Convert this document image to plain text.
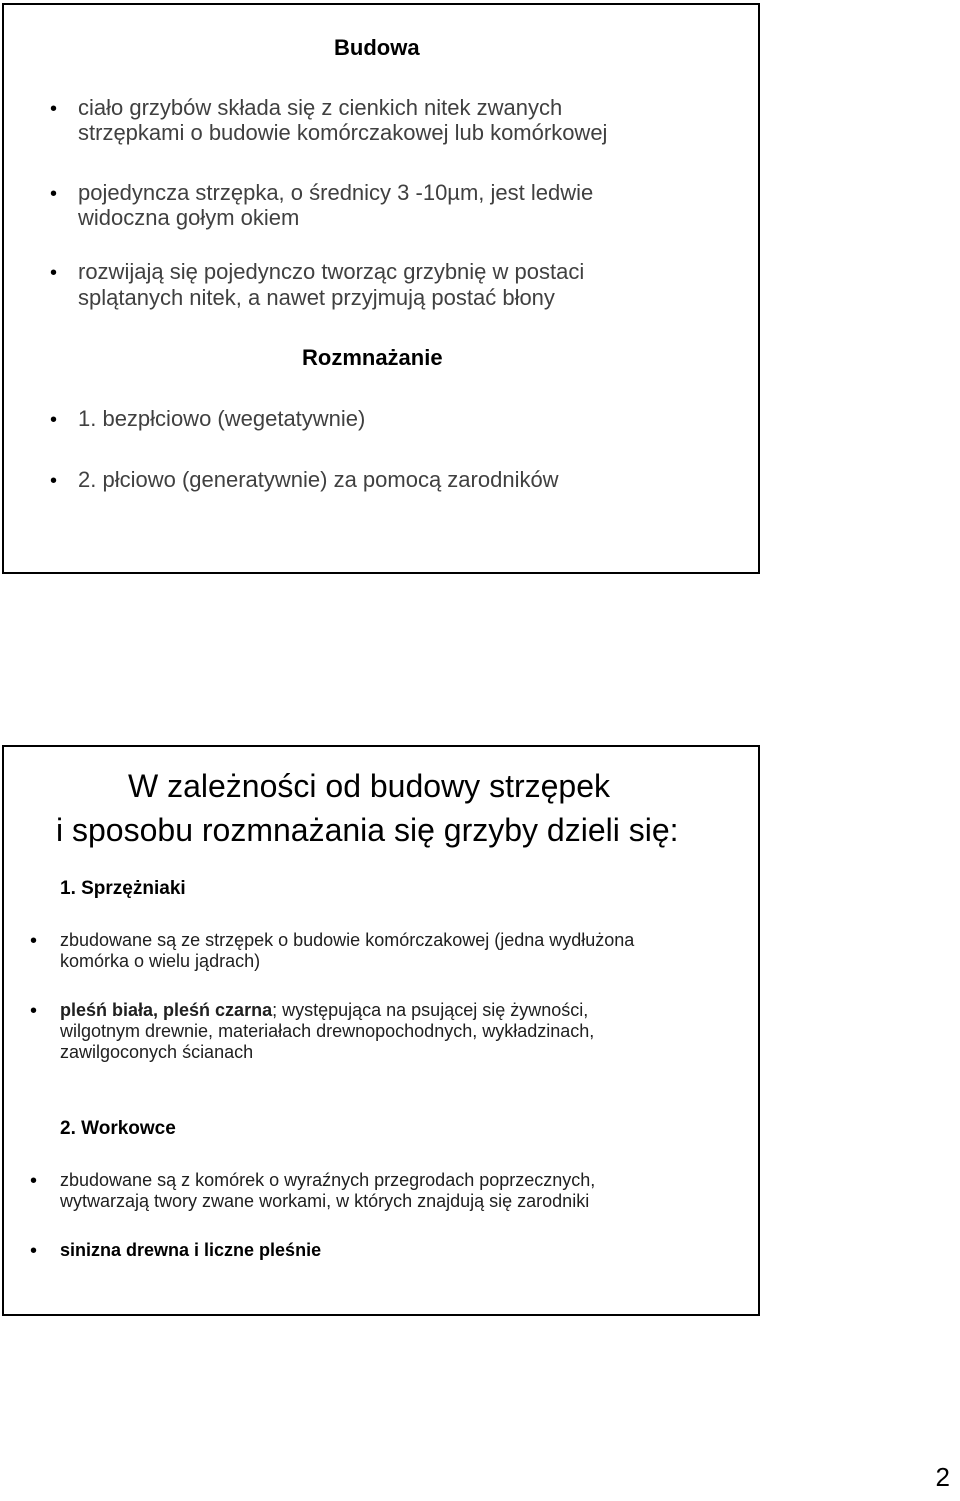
Budowa
• ciało grzybów składa się z cienkich nitek zwanych
strzępkami o budowie komórczakowej lub komórkowej
• pojedyncza strzępka, o średnicy 3 -10µm, jest ledwie
widoczna gołym okiem
• rozwijają się pojedynczo tworząc grzybnię w postaci
splątanych nitek, a nawet przyjmują postać błony
Rozmnażanie
• 1. bezpłciowo (wegetatywnie)
• 2. płciowo (generatywnie) za pomocą zarodników
W zależności od budowy strzępek
i sposobu rozmnażania się grzyby dzieli się:
1. Sprzężniaki
• zbudowane są ze strzępek o budowie komórczakowej (jedna wydłużona
komórka o wielu jądrach)
• pleśń biała, pleśń czarna; występująca na psującej się żywności,
wilgotnym drewnie, materiałach drewnopochodnych, wykładzinach,
zawilgoconych ścianach
2. Workowce
• zbudowane są z komórek o wyraźnych przegrodach poprzecznych,
wytwarzają twory zwane workami, w których znajdują się zarodniki
• sinizna drewna i liczne pleśnie
2
